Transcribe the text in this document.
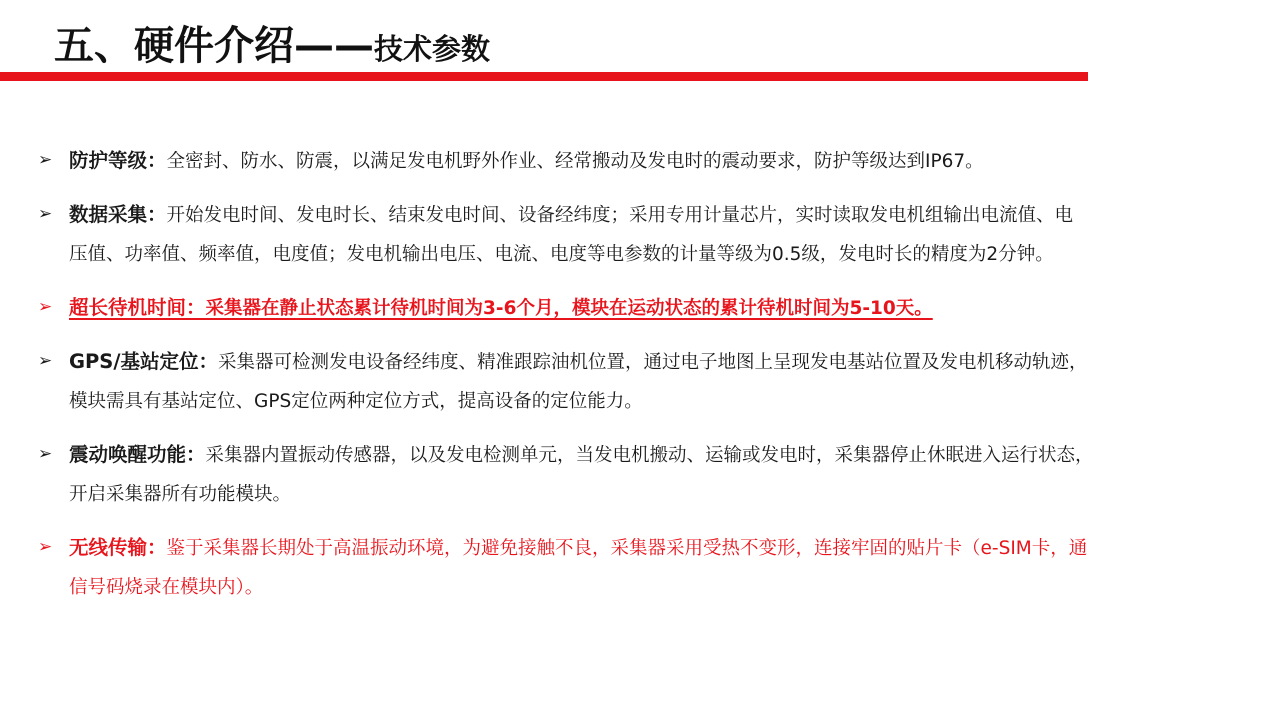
五、硬件介绍——技术参数
➢ 防护等级：全密封、防水、防震，以满足发电机野外作业、经常搬动及发电时的震动要求，防护等级达到IP67。
➢ 数据采集：开始发电时间、发电时长、结束发电时间、设备经纬度；采用专用计量芯片，实时读取发电机组输出电流值、电
压值、功率值、频率值，电度值；发电机输出电压、电流、电度等电参数的计量等级为0.5级，发电时长的精度为2分钟。
➢ 超长待机时间：采集器在静止状态累计待机时间为3-6个月，模块在运动状态的累计待机时间为5-10天。
➢ GPS/基站定位：采集器可检测发电设备经纬度、精准跟踪油机位置，通过电子地图上呈现发电基站位置及发电机移动轨迹，
模块需具有基站定位、GPS定位两种定位方式，提高设备的定位能力。
➢ 震动唤醒功能：采集器内置振动传感器，以及发电检测单元，当发电机搬动、运输或发电时，采集器停止休眠进入运行状态，
开启采集器所有功能模块。
➢ 无线传输：鉴于采集器长期处于高温振动环境，为避免接触不良，采集器采用受热不变形，连接牢固的贴片卡（e-SIM卡，通
信号码烧录在模块内）。
